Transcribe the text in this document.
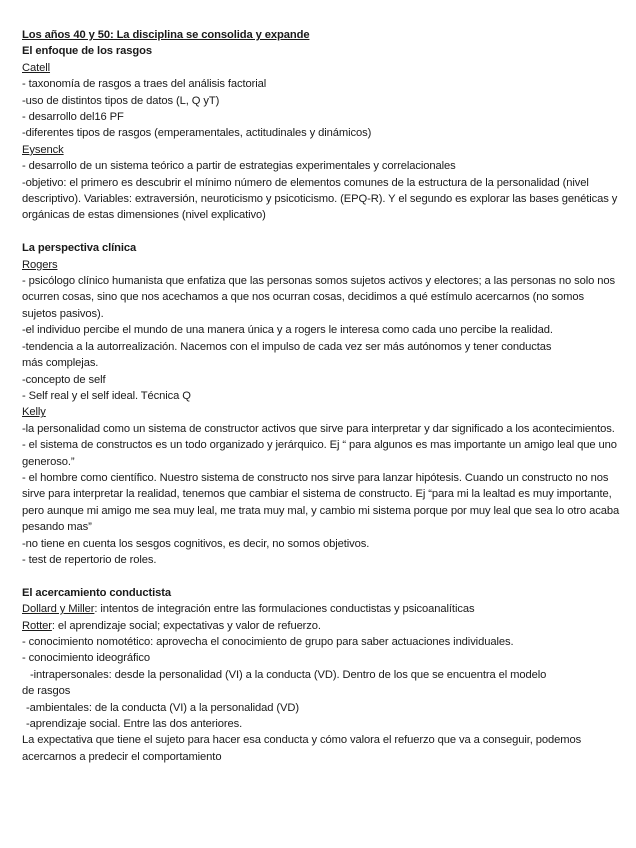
Los años 40 y 50: La disciplina se consolida y expande
El enfoque de los rasgos
Catell
- taxonomía de rasgos a traes del análisis factorial
-uso de distintos tipos de datos (L, Q yT)
- desarrollo del16 PF
-diferentes tipos de rasgos (emperamentales, actitudinales y dinámicos)
Eysenck
- desarrollo de un sistema teórico a partir de estrategias experimentales y correlacionales
-objetivo: el primero es descubrir el mínimo número de elementos comunes de la estructura de la personalidad (nivel descriptivo). Variables: extraversión, neuroticismo y psicoticismo. (EPQ-R). Y el segundo es explorar las bases genéticas y orgánicas de estas dimensiones (nivel explicativo)
La perspectiva clínica
Rogers
- psicólogo clínico humanista que enfatiza que las personas somos sujetos activos y electores; a las personas no solo nos ocurren cosas, sino que nos acechamos a que nos ocurran cosas, decidimos a qué estímulo acercarnos (no somos sujetos pasivos).
-el individuo percibe el mundo de una manera única y a rogers le interesa como cada uno percibe la realidad.
-tendencia a la autorrealización. Nacemos con el impulso de cada vez ser más autónomos y tener conductas
más complejas.
-concepto de self
- Self real y el self ideal. Técnica Q
Kelly
-la personalidad como un sistema de constructor activos que sirve para interpretar y dar significado a los acontecimientos.
- el sistema de constructos es un todo organizado y jerárquico. Ej “ para algunos es mas importante un amigo leal que uno generoso.”
- el hombre como científico. Nuestro sistema de constructo nos sirve para lanzar hipótesis. Cuando un constructo no nos sirve para interpretar la realidad, tenemos que cambiar el sistema de constructo. Ej “para mi la lealtad es muy importante, pero aunque mi amigo me sea muy leal, me trata muy mal, y cambio mi sistema porque por muy leal que sea lo otro acaba pesando mas”
-no tiene en cuenta los sesgos cognitivos, es decir, no somos objetivos.
- test de repertorio de roles.
El acercamiento conductista
Dollard y Miller: intentos de integración entre las formulaciones conductistas y psicoanalíticas
Rotter: el aprendizaje social; expectativas y valor de refuerzo.
- conocimiento nomotético: aprovecha el conocimiento de grupo para saber actuaciones individuales.
- conocimiento ideográfico
-intrapersonales: desde la personalidad (VI) a la conducta (VD). Dentro de los que se encuentra el modelo
de rasgos
-ambientales: de la conducta (VI) a la personalidad (VD)
-aprendizaje social. Entre las dos anteriores.
La expectativa que tiene el sujeto para hacer esa conducta y cómo valora el refuerzo que va a conseguir, podemos acercarnos a predecir el comportamiento
